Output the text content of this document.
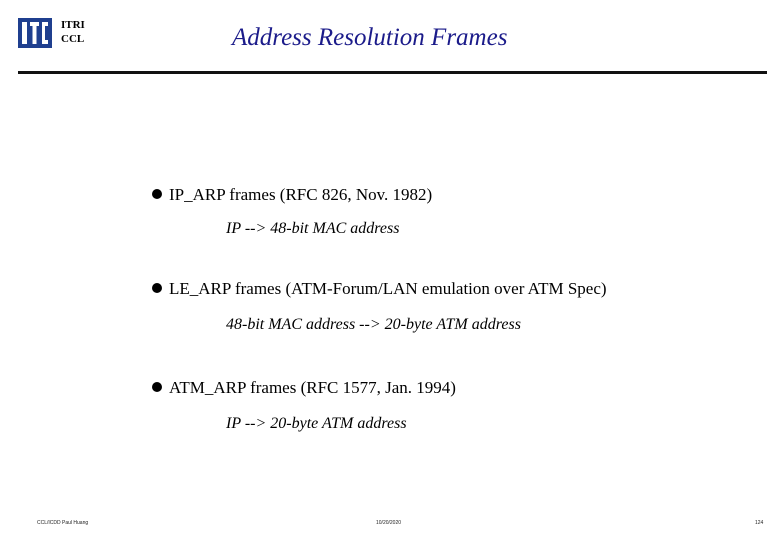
ITRI
CCL	Address Resolution Frames
IP_ARP frames (RFC 826, Nov. 1982)
IP --> 48-bit MAC address
LE_ARP frames (ATM-Forum/LAN emulation over ATM Spec)
48-bit MAC address --> 20-byte ATM address
ATM_ARP frames (RFC 1577, Jan. 1994)
IP --> 20-byte ATM address
CCL/ICDD Paul Huang	10/20/2020	124
